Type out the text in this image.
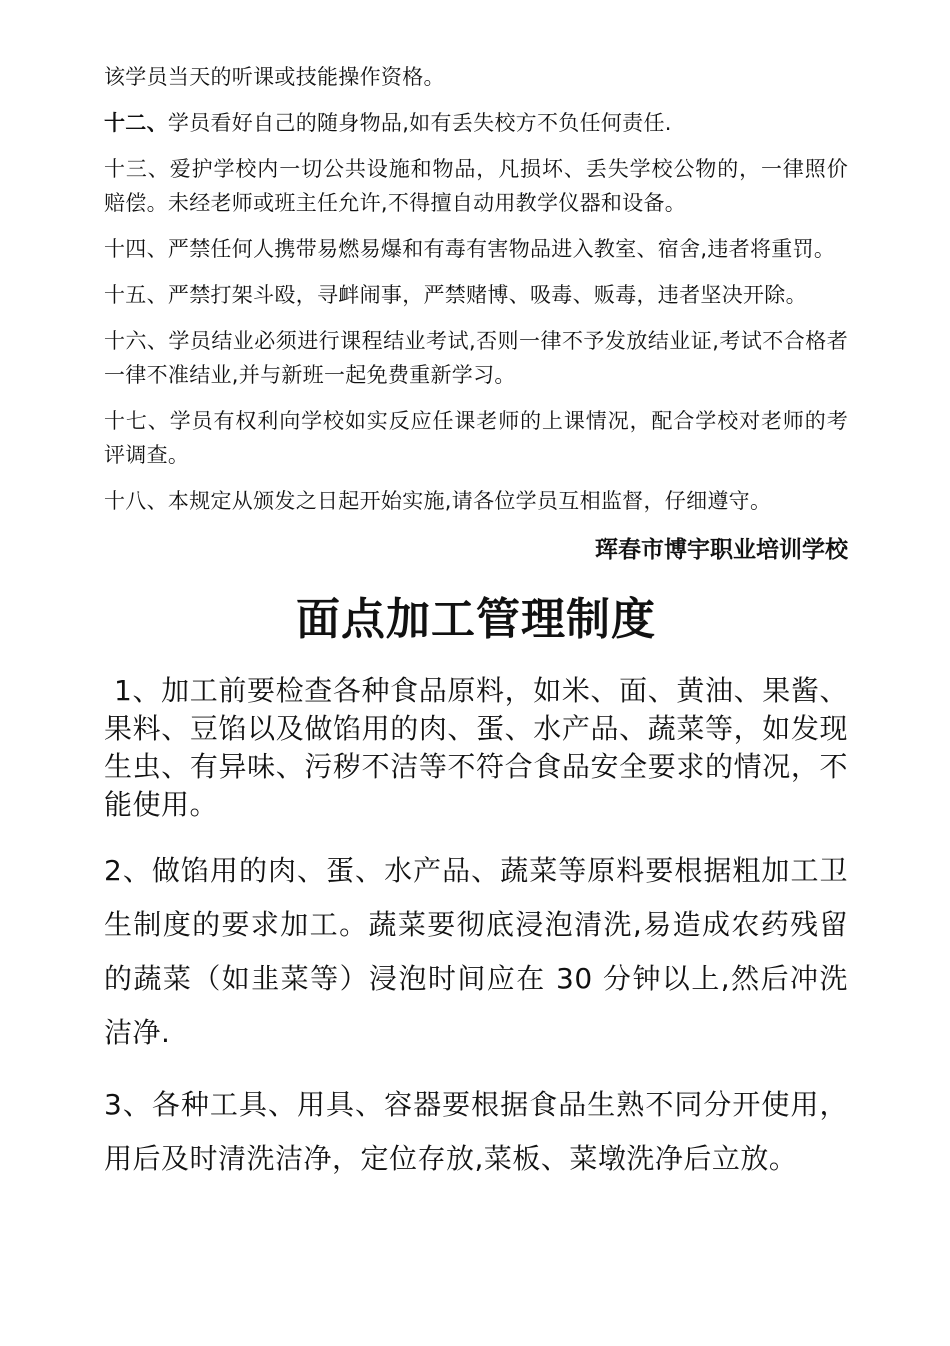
该学员当天的听课或技能操作资格。

十二、学员看好自己的随身物品,如有丢失校方不负任何责任.

十三、爱护学校内一切公共设施和物品，凡损坏、丢失学校公物的，一律照价赔偿。未经老师或班主任允许,不得擅自动用教学仪器和设备。

十四、严禁任何人携带易燃易爆和有毒有害物品进入教室、宿舍,违者将重罚。

十五、严禁打架斗殴，寻衅闹事，严禁赌博、吸毒、贩毒，违者坚决开除。

十六、学员结业必须进行课程结业考试,否则一律不予发放结业证,考试不合格者一律不准结业,并与新班一起免费重新学习。

十七、学员有权利向学校如实反应任课老师的上课情况，配合学校对老师的考评调查。

十八、本规定从颁发之日起开始实施,请各位学员互相监督，仔细遵守。

珲春市博宇职业培训学校
面点加工管理制度

1、加工前要检查各种食品原料，如米、面、黄油、果酱、果料、豆馅以及做馅用的肉、蛋、水产品、蔬菜等，如发现生虫、有异味、污秽不洁等不符合食品安全要求的情况，不能使用。

2、做馅用的肉、蛋、水产品、蔬菜等原料要根据粗加工卫生制度的要求加工。蔬菜要彻底浸泡清洗,易造成农药残留的蔬菜（如韭菜等）浸泡时间应在 30 分钟以上,然后冲洗洁净.

3、各种工具、用具、容器要根据食品生熟不同分开使用，用后及时清洗洁净，定位存放,菜板、菜墩洗净后立放。
